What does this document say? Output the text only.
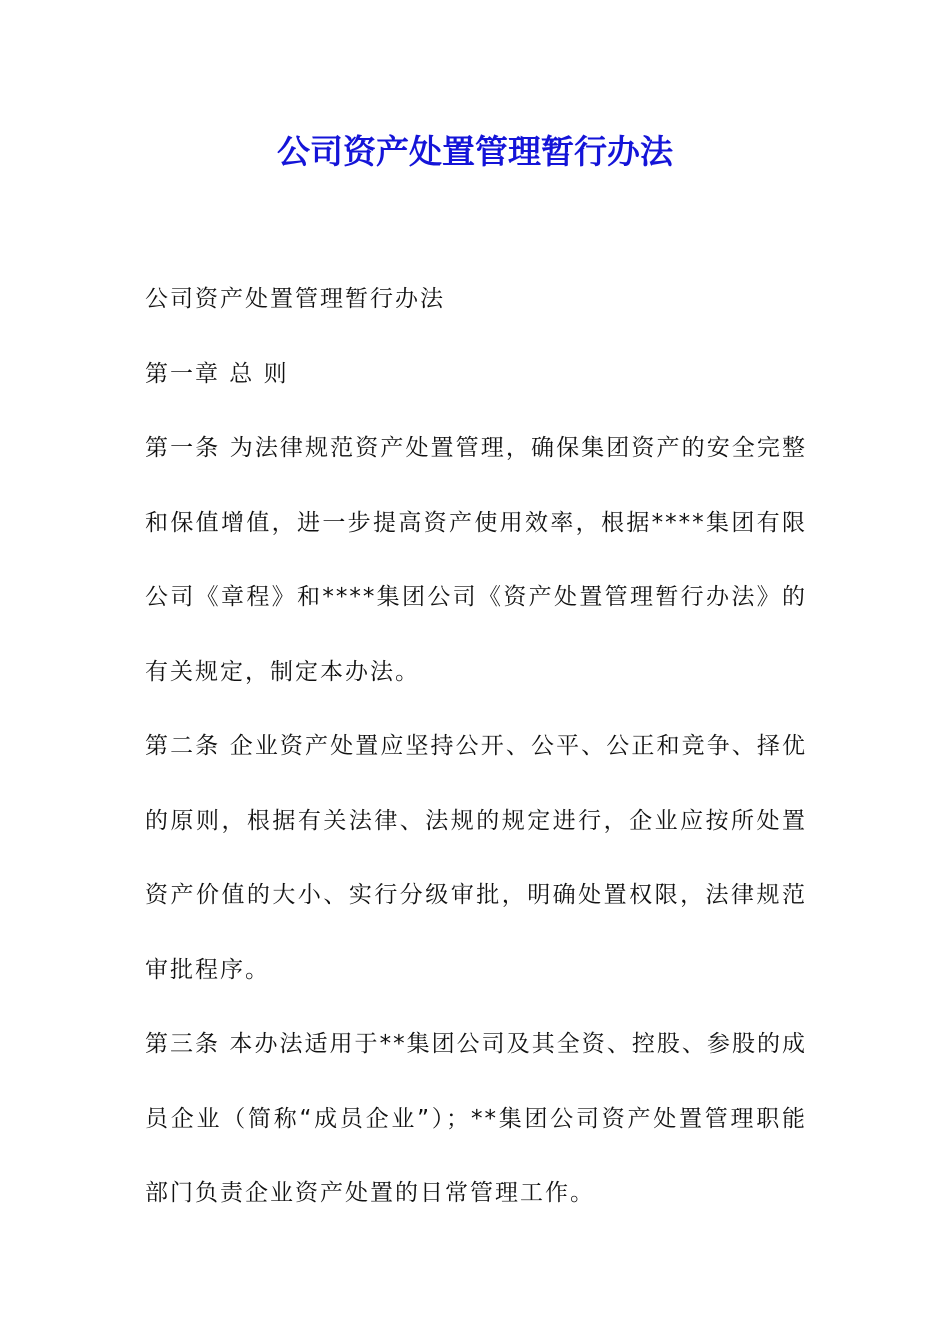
公司资产处置管理暂行办法

公司资产处置管理暂行办法

第一章 总 则

第一条 为法律规范资产处置管理，确保集团资产的安全完整和保值增值，进一步提高资产使用效率，根据****集团有限公司《章程》和****集团公司《资产处置管理暂行办法》的有关规定，制定本办法。

第二条 企业资产处置应坚持公开、公平、公正和竞争、择优的原则，根据有关法律、法规的规定进行，企业应按所处置资产价值的大小、实行分级审批，明确处置权限，法律规范审批程序。

第三条 本办法适用于**集团公司及其全资、控股、参股的成员企业（简称“成员企业”）；**集团公司资产处置管理职能部门负责企业资产处置的日常管理工作。
